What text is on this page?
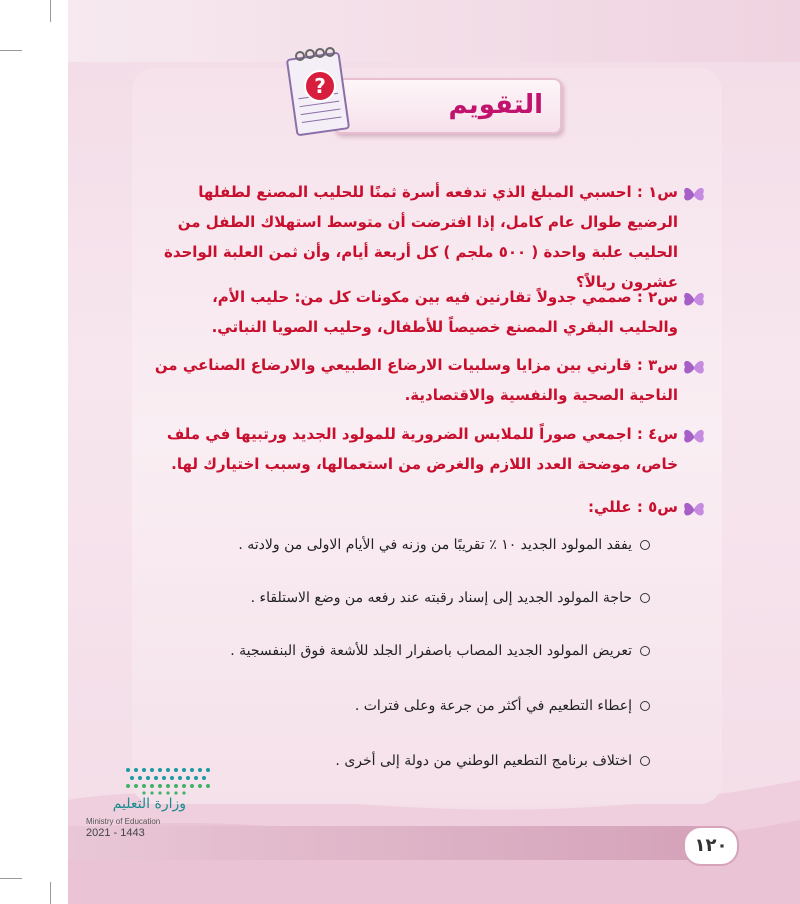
التقويم
?
س١ : احسبي المبلغ الذي تدفعه أسرة ثمنًا للحليب المصنع لطفلها الرضيع طوال عام كامل، إذا افترضت أن متوسط استهلاك الطفل من الحليب علبة واحدة ( ٥٠٠ ملجم ) كل أربعة أيام، وأن ثمن العلبة الواحدة عشرون ريالاً؟
س٢ : صممي جدولاً تقارنين فيه بين مكونات كل من: حليب الأم، والحليب البقري المصنع خصيصاً للأطفال، وحليب الصويا النباتي.
س٣ : قارني بين مزايا وسلبيات الارضاع الطبيعي والارضاع الصناعي من الناحية الصحية والنفسية والاقتصادية.
س٤ : اجمعي صوراً للملابس الضرورية للمولود الجديد ورتبيها في ملف خاص، موضحة العدد اللازم والغرض من استعمالها، وسبب اختيارك لها.
س٥ : عللي:
يفقد المولود الجديد ١٠ ٪ تقريبًا من وزنه في الأيام الاولى من ولادته .
حاجة المولود الجديد إلى إسناد رقبته عند رفعه من وضع الاستلقاء .
تعريض المولود الجديد المصاب باصفرار الجلد للأشعة فوق البنفسجية .
إعطاء التطعيم في أكثر من جرعة وعلى فترات .
اختلاف برنامج التطعيم الوطني من دولة إلى أخرى .
١٢٠
وزارة التعليم
Ministry of Education
2021 - 1443
